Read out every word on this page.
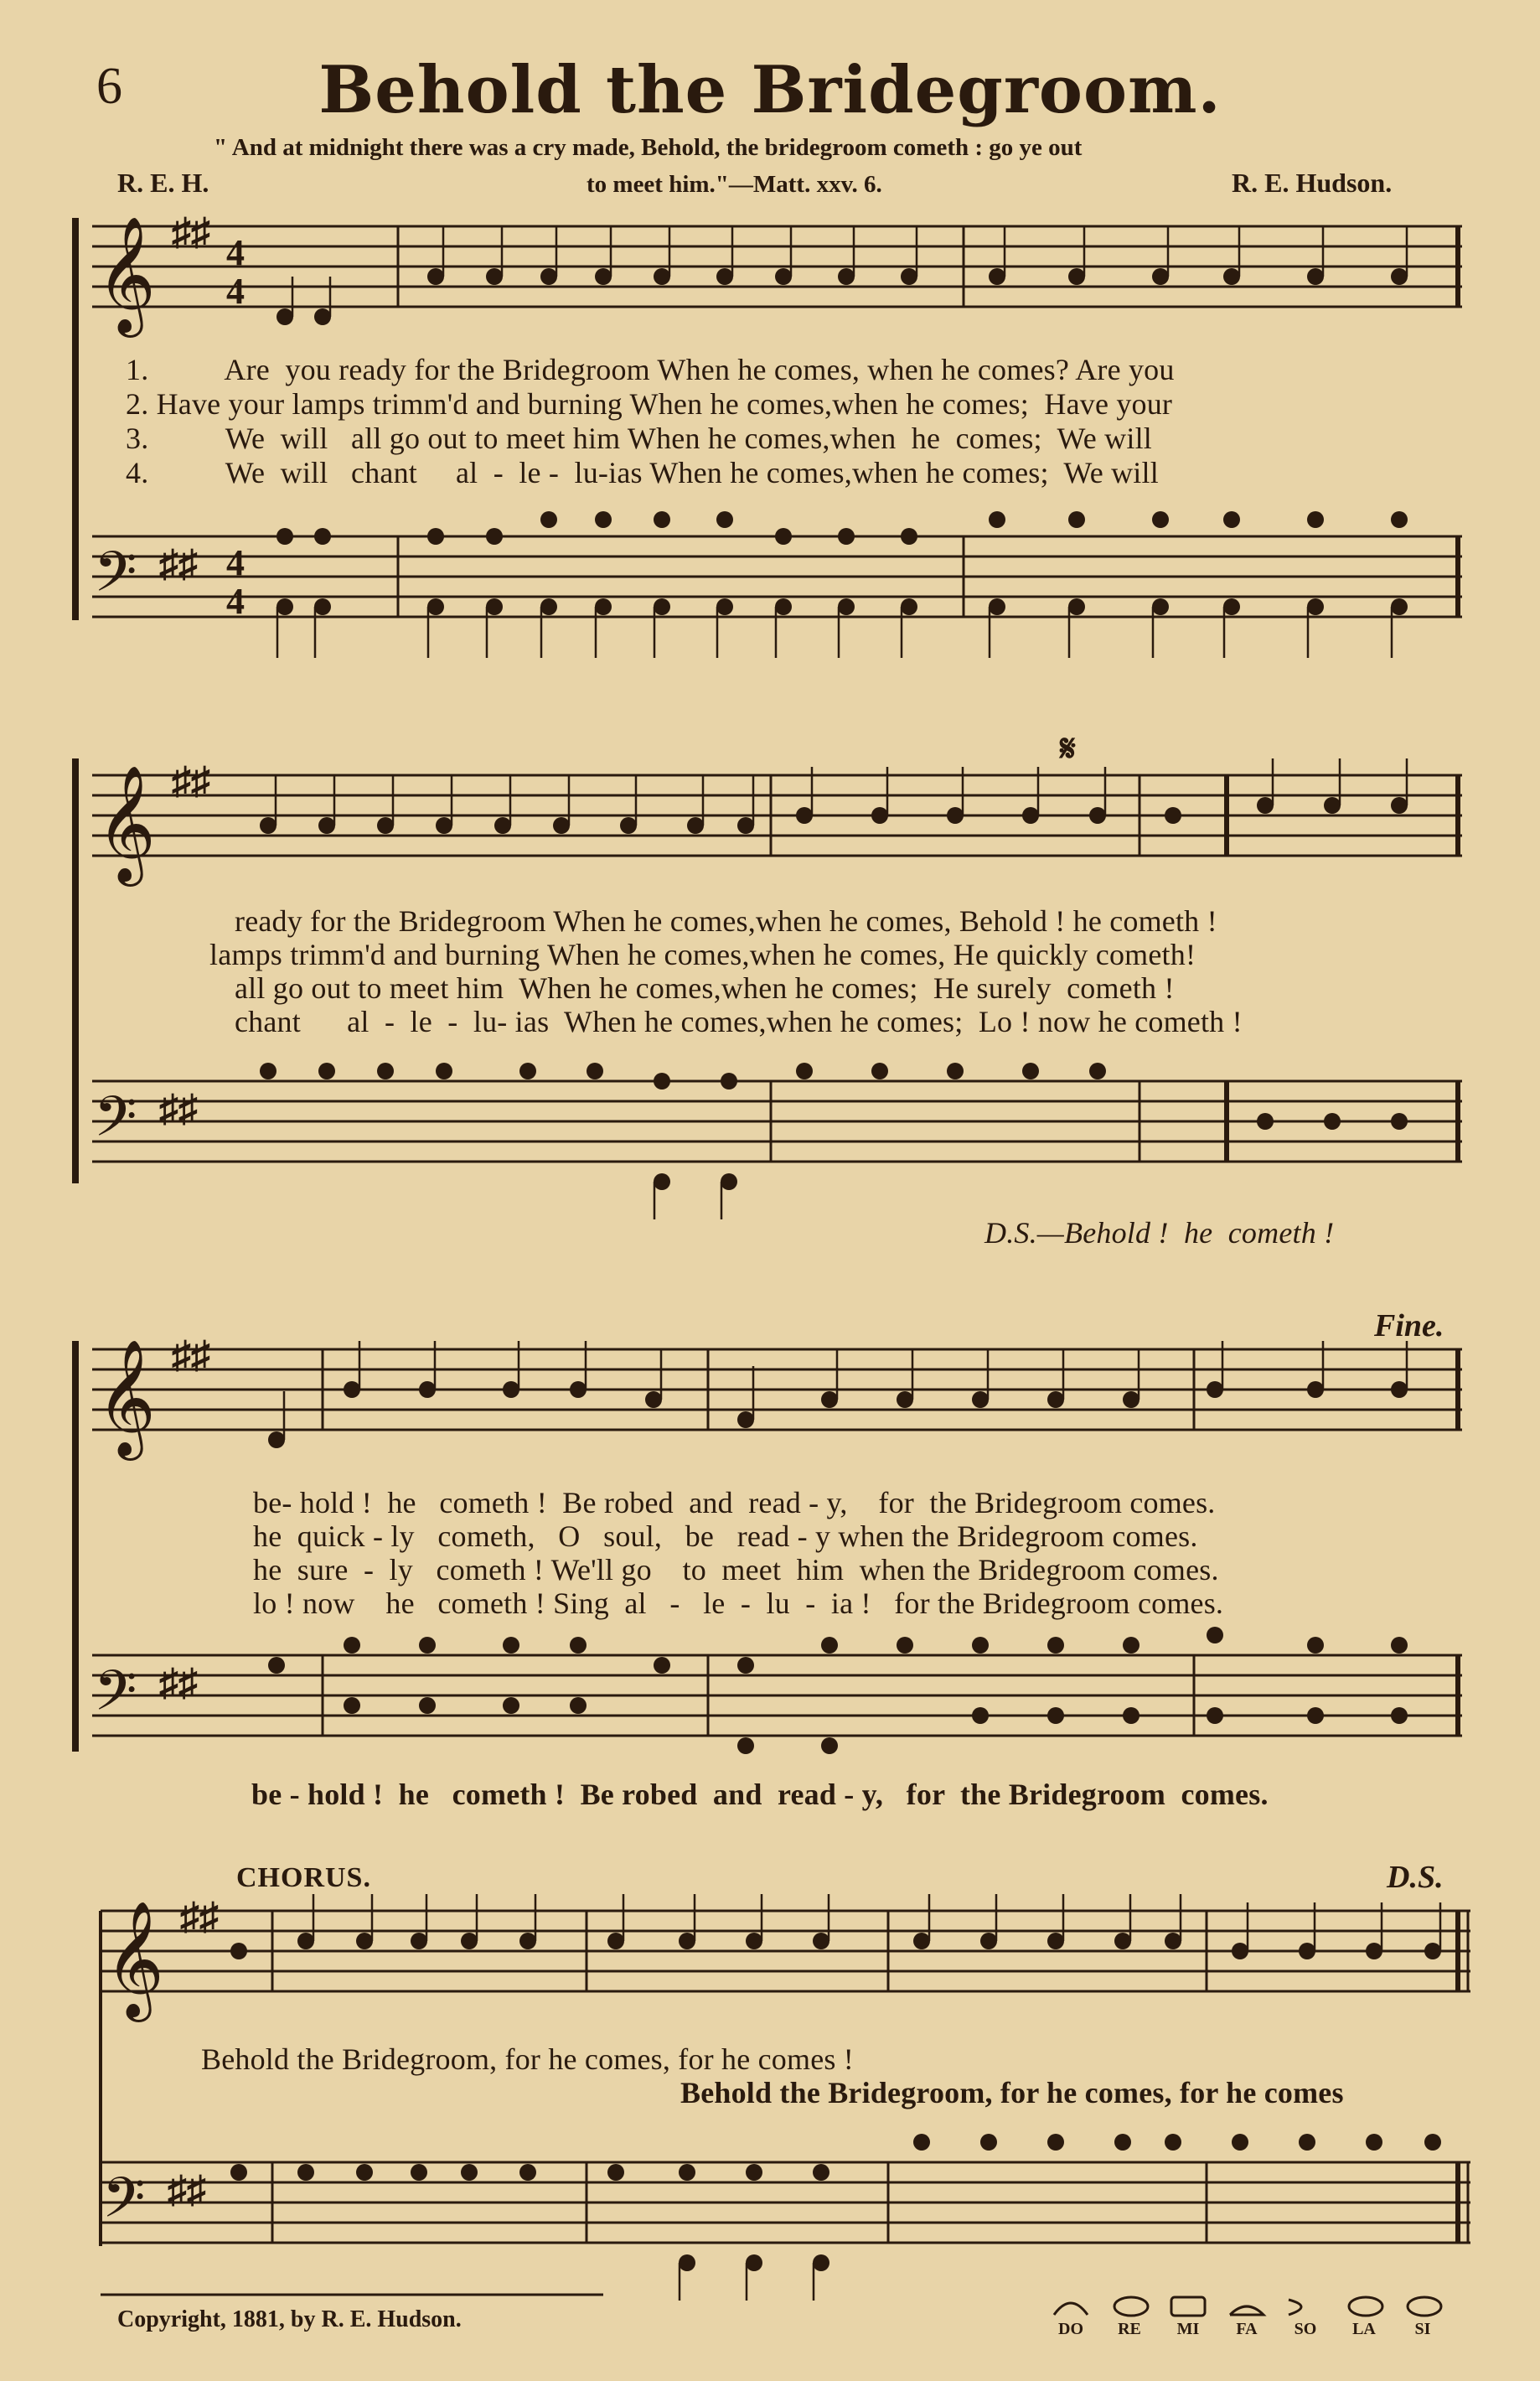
6	Behold the Bridegroom.
" And at midnight there was a cry made, Behold, the bridegroom cometh : go ye out
R. E. H.	to meet him."—Matt. xxv. 6.	R. E. Hudson.
𝄞 ♯♯ 4
4
1.          Are  you ready for the Bridegroom When he comes, when he comes? Are you
2. Have your lamps trimm'd and burning When he comes,when he comes;  Have your
3.          We  will   all go out to meet him When he comes,when  he  comes;  We will
4.          We  will   chant     al  -  le -  lu-ias When he comes,when he comes;  We will
𝄢 ♯♯ 4
4
𝄞 ♯♯
𝄋
ready for the Bridegroom When he comes,when he comes, Behold ! he cometh !
lamps trimm'd and burning When he comes,when he comes, He quickly cometh!
all go out to meet him  When he comes,when he comes;  He surely  cometh !
chant      al  -  le  -  lu- ias  When he comes,when he comes;  Lo ! now he cometh !
𝄢 ♯♯
D.S.—Behold !  he  cometh !
Fine.
𝄞 ♯♯
be- hold !  he   cometh !  Be robed  and  read - y,    for  the Bridegroom comes.
he  quick - ly   cometh,   O   soul,   be   read - y when the Bridegroom comes.
he  sure  -  ly   cometh ! We'll go    to  meet  him  when the Bridegroom comes.
lo ! now    he   cometh ! Sing  al   -   le  -  lu  -  ia !   for the Bridegroom comes.
𝄢 ♯♯
be - hold !  he   cometh !  Be robed  and  read - y,   for  the Bridegroom  comes.
CHORUS.	D.S.
𝄞 ♯♯
Behold the Bridegroom, for he comes, for he comes !
Behold the Bridegroom, for he comes, for he comes
𝄢 ♯♯
Copyright, 1881, by R. E. Hudson.	DO	RE	MI	FA	SO	LA	SI
